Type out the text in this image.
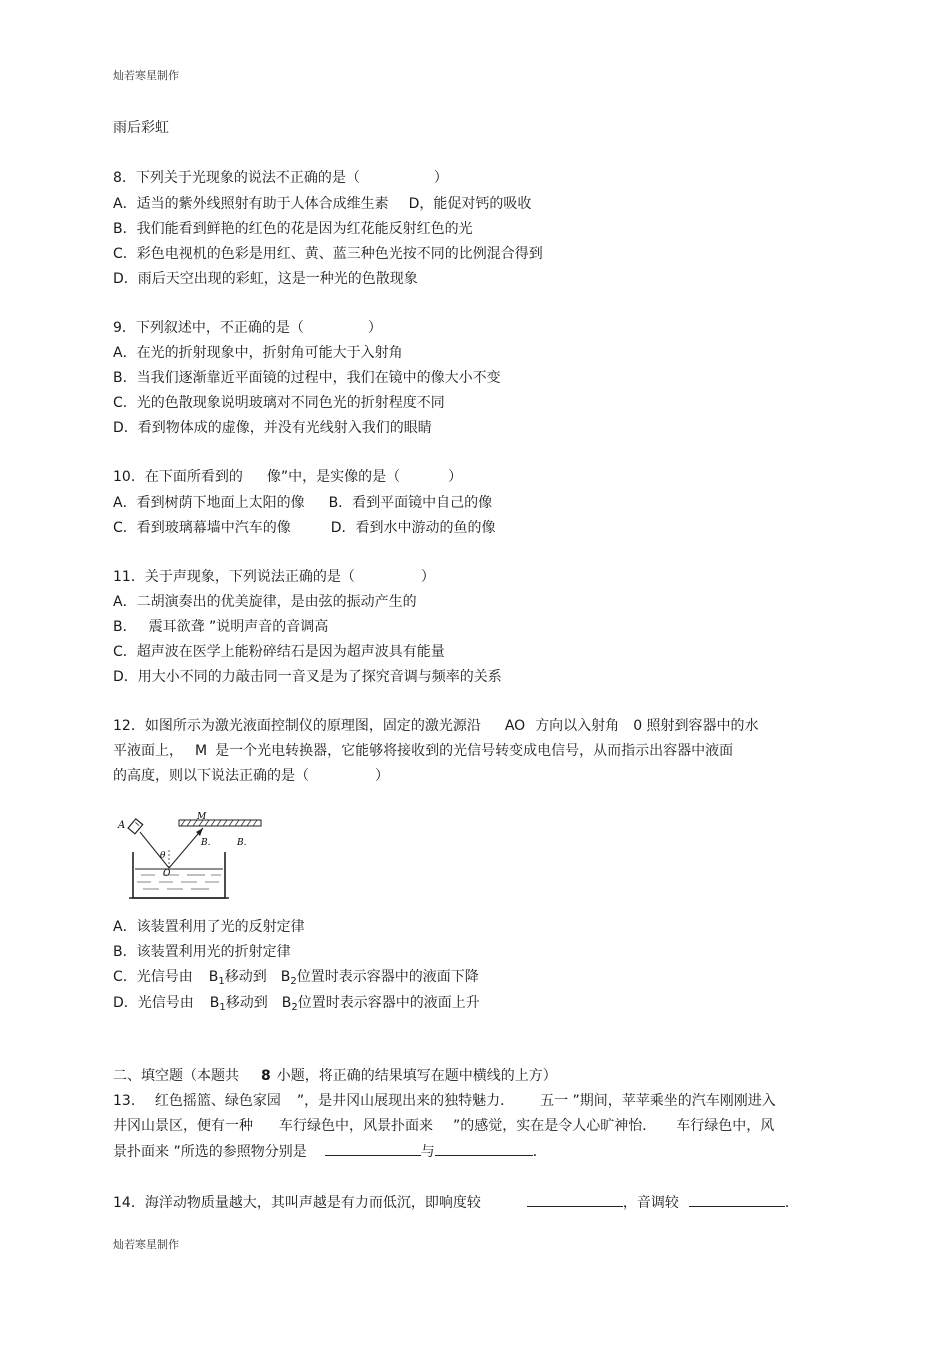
灿若寒星制作
雨后彩虹
8．下列关于光现象的说法不正确的是（	）
A．适当的紫外线照射有助于人体合成维生素 D，能促对钙的吸收
B．我们能看到鲜艳的红色的花是因为红花能反射红色的光
C．彩色电视机的色彩是用红、黄、蓝三种色光按不同的比例混合得到
D．雨后天空出现的彩虹，这是一种光的色散现象
9．下列叙述中，不正确的是（	）
A．在光的折射现象中，折射角可能大于入射角
B．当我们逐渐靠近平面镜的过程中，我们在镜中的像大小不变
C．光的色散现象说明玻璃对不同色光的折射程度不同
D．看到物体成的虚像，并没有光线射入我们的眼睛
10．在下面所看到的 像”中，是实像的是（	）
A．看到树荫下地面上太阳的像 B．看到平面镜中自己的像
C．看到玻璃幕墙中汽车的像	D．看到水中游动的鱼的像
11．关于声现象，下列说法正确的是（	）
A．二胡演奏出的优美旋律，是由弦的振动产生的
B． 震耳欲聋 ”说明声音的音调高
C．超声波在医学上能粉碎结石是因为超声波具有能量
D．用大小不同的力敲击同一音叉是为了探究音调与频率的关系
12．如图所示为激光液面控制仪的原理图，固定的激光源沿 AO 方向以入射角 0 照射到容器中的水
平液面上， M 是一个光电转换器，它能够将接收到的光信号转变成电信号，从而指示出容器中液面
的高度，则以下说法正确的是（	）
A
M
B.	B.
θ
O
A．该装置利用了光的反射定律
B．该装置利用光的折射定律
C．光信号由 $B_1$移动到 $B_2$位置时表示容器中的液面下降
D．光信号由 $B_1$移动到 $B_2$位置时表示容器中的液面上升
二、填空题（本题共 8 小题，将正确的结果填写在题中横线的上方）
13． 红色摇篮、绿色家园 ”，是井冈山展现出来的独特魅力． 五一 ”期间，苹苹乘坐的汽车刚刚进入
井冈山景区，便有一种 车行绿色中，风景扑面来 ”的感觉，实在是令人心旷神怡． 车行绿色中，风
景扑面来 ”所选的参照物分别是	与	．
14．海洋动物质量越大，其叫声越是有力而低沉，即响度较	，音调较	．
灿若寒星制作
